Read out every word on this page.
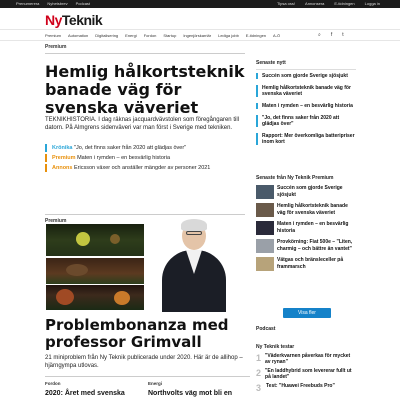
Prenumerera Nyhetsbrev Podcast	Tipsa oss!	Annonsera	E-tidningen	Logga in
NyTeknik
Premium Automation Digitalisering Energi Fordon Startup Ingenjörskarriär Lediga jobb E-tidningen A-Ö	⌕ f t
Premium
Hemlig hålkortsteknik banade väg för svenska väveriet
TEKNIKHISTORIA. I dag räknas jacquardvävstolen som föregångaren till datorn. På Almgrens sidenväveri var man först i Sverige med tekniken.
Krönika "Jo, det finns saker från 2020 att glädjas över"
Premium Maten i rymden – en besvärlig historia
Annons Ericsson växer och anställer mängder av personer 2021
Premium
Problembonanza med professor Grimvall
21 miniproblem från Ny Teknik publicerade under 2020. Här är de allihop – hjärngympa utlovas.
Fordon
2020: Året med svenska
Energi
Northvolts väg mot bli en
Senaste nytt
Succén som gjorde Sverige sjösjukt
Hemlig hålkortsteknik banade väg för svenska väveriet
Maten i rymden – en besvärlig historia
"Jo, det finns saker från 2020 att glädjas över"
Rapport: Mer överkomliga batteripriser inom kort
Senaste från Ny Teknik Premium
Succén som gjorde Sverige sjösjukt
Hemlig hålkortsteknik banade väg för svenska väveriet
Maten i rymden – en besvärlig historia
Provkörning: Fiat 500e – "Liten, charmig – och bättre än vantet"
Vätgas och bränsleceller på frammarsch
Visa fler
Podcast
Ny Teknik testar
1 "Väderkvarnen påverkas för mycket av rynan"
2 "En laddhybrid som levererar fullt ut på landet"
3 Test: "Huawei Freebuds Pro"
